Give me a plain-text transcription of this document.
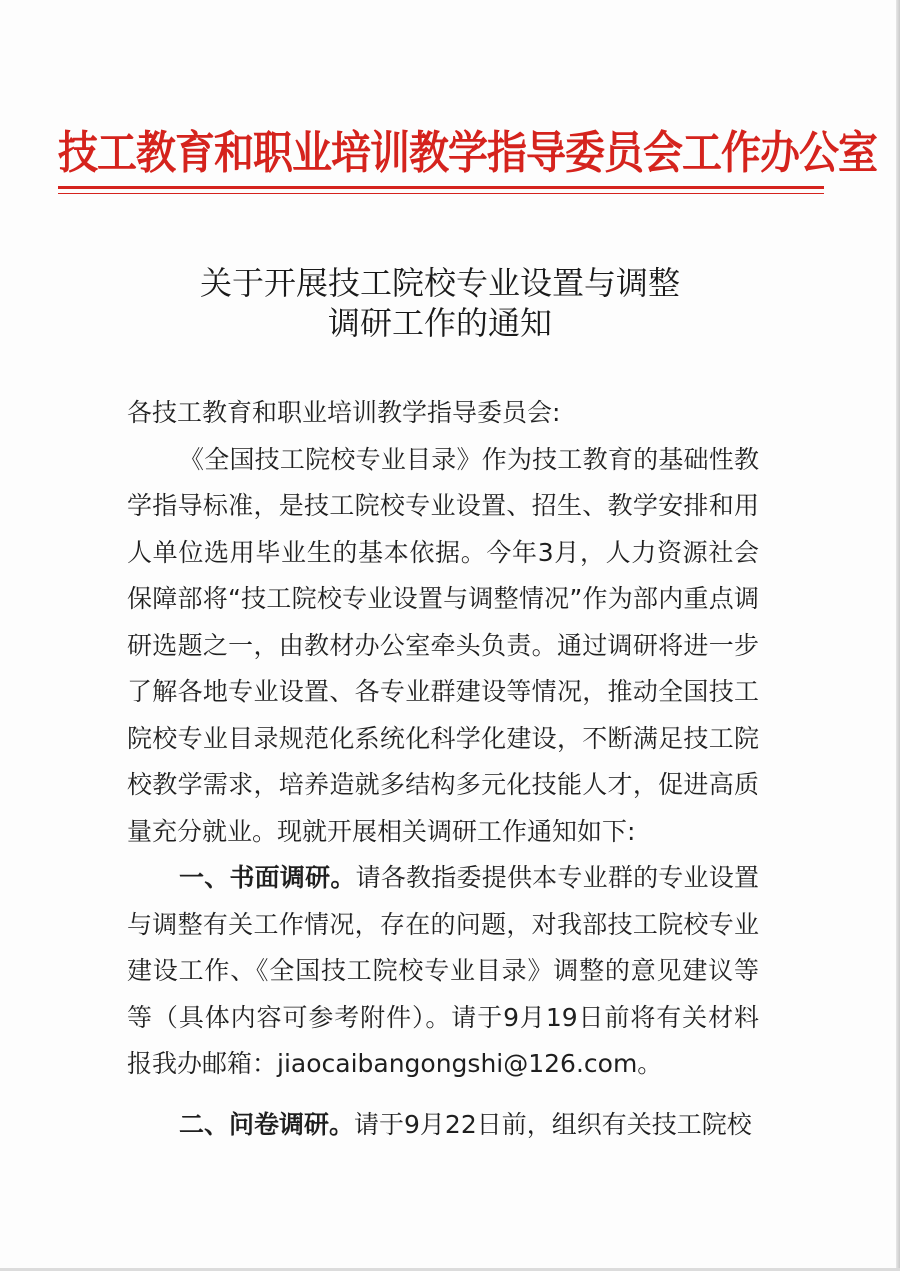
技工教育和职业培训教学指导委员会工作办公室
关于开展技工院校专业设置与调整
调研工作的通知

各技工教育和职业培训教学指导委员会:

《全国技工院校专业目录》作为技工教育的基础性教学指导标准，是技工院校专业设置、招生、教学安排和用人单位选用毕业生的基本依据。今年3月，人力资源社会保障部将“技工院校专业设置与调整情况”作为部内重点调研选题之一，由教材办公室牵头负责。通过调研将进一步了解各地专业设置、各专业群建设等情况，推动全国技工院校专业目录规范化系统化科学化建设，不断满足技工院校教学需求，培养造就多结构多元化技能人才，促进高质量充分就业。现就开展相关调研工作通知如下:

一、书面调研。请各教指委提供本专业群的专业设置与调整有关工作情况，存在的问题，对我部技工院校专业建设工作、《全国技工院校专业目录》调整的意见建议等等（具体内容可参考附件）。请于9月19日前将有关材料报我办邮箱：jiaocaibangongshi@126.com。

二、问卷调研。请于9月22日前，组织有关技工院校
